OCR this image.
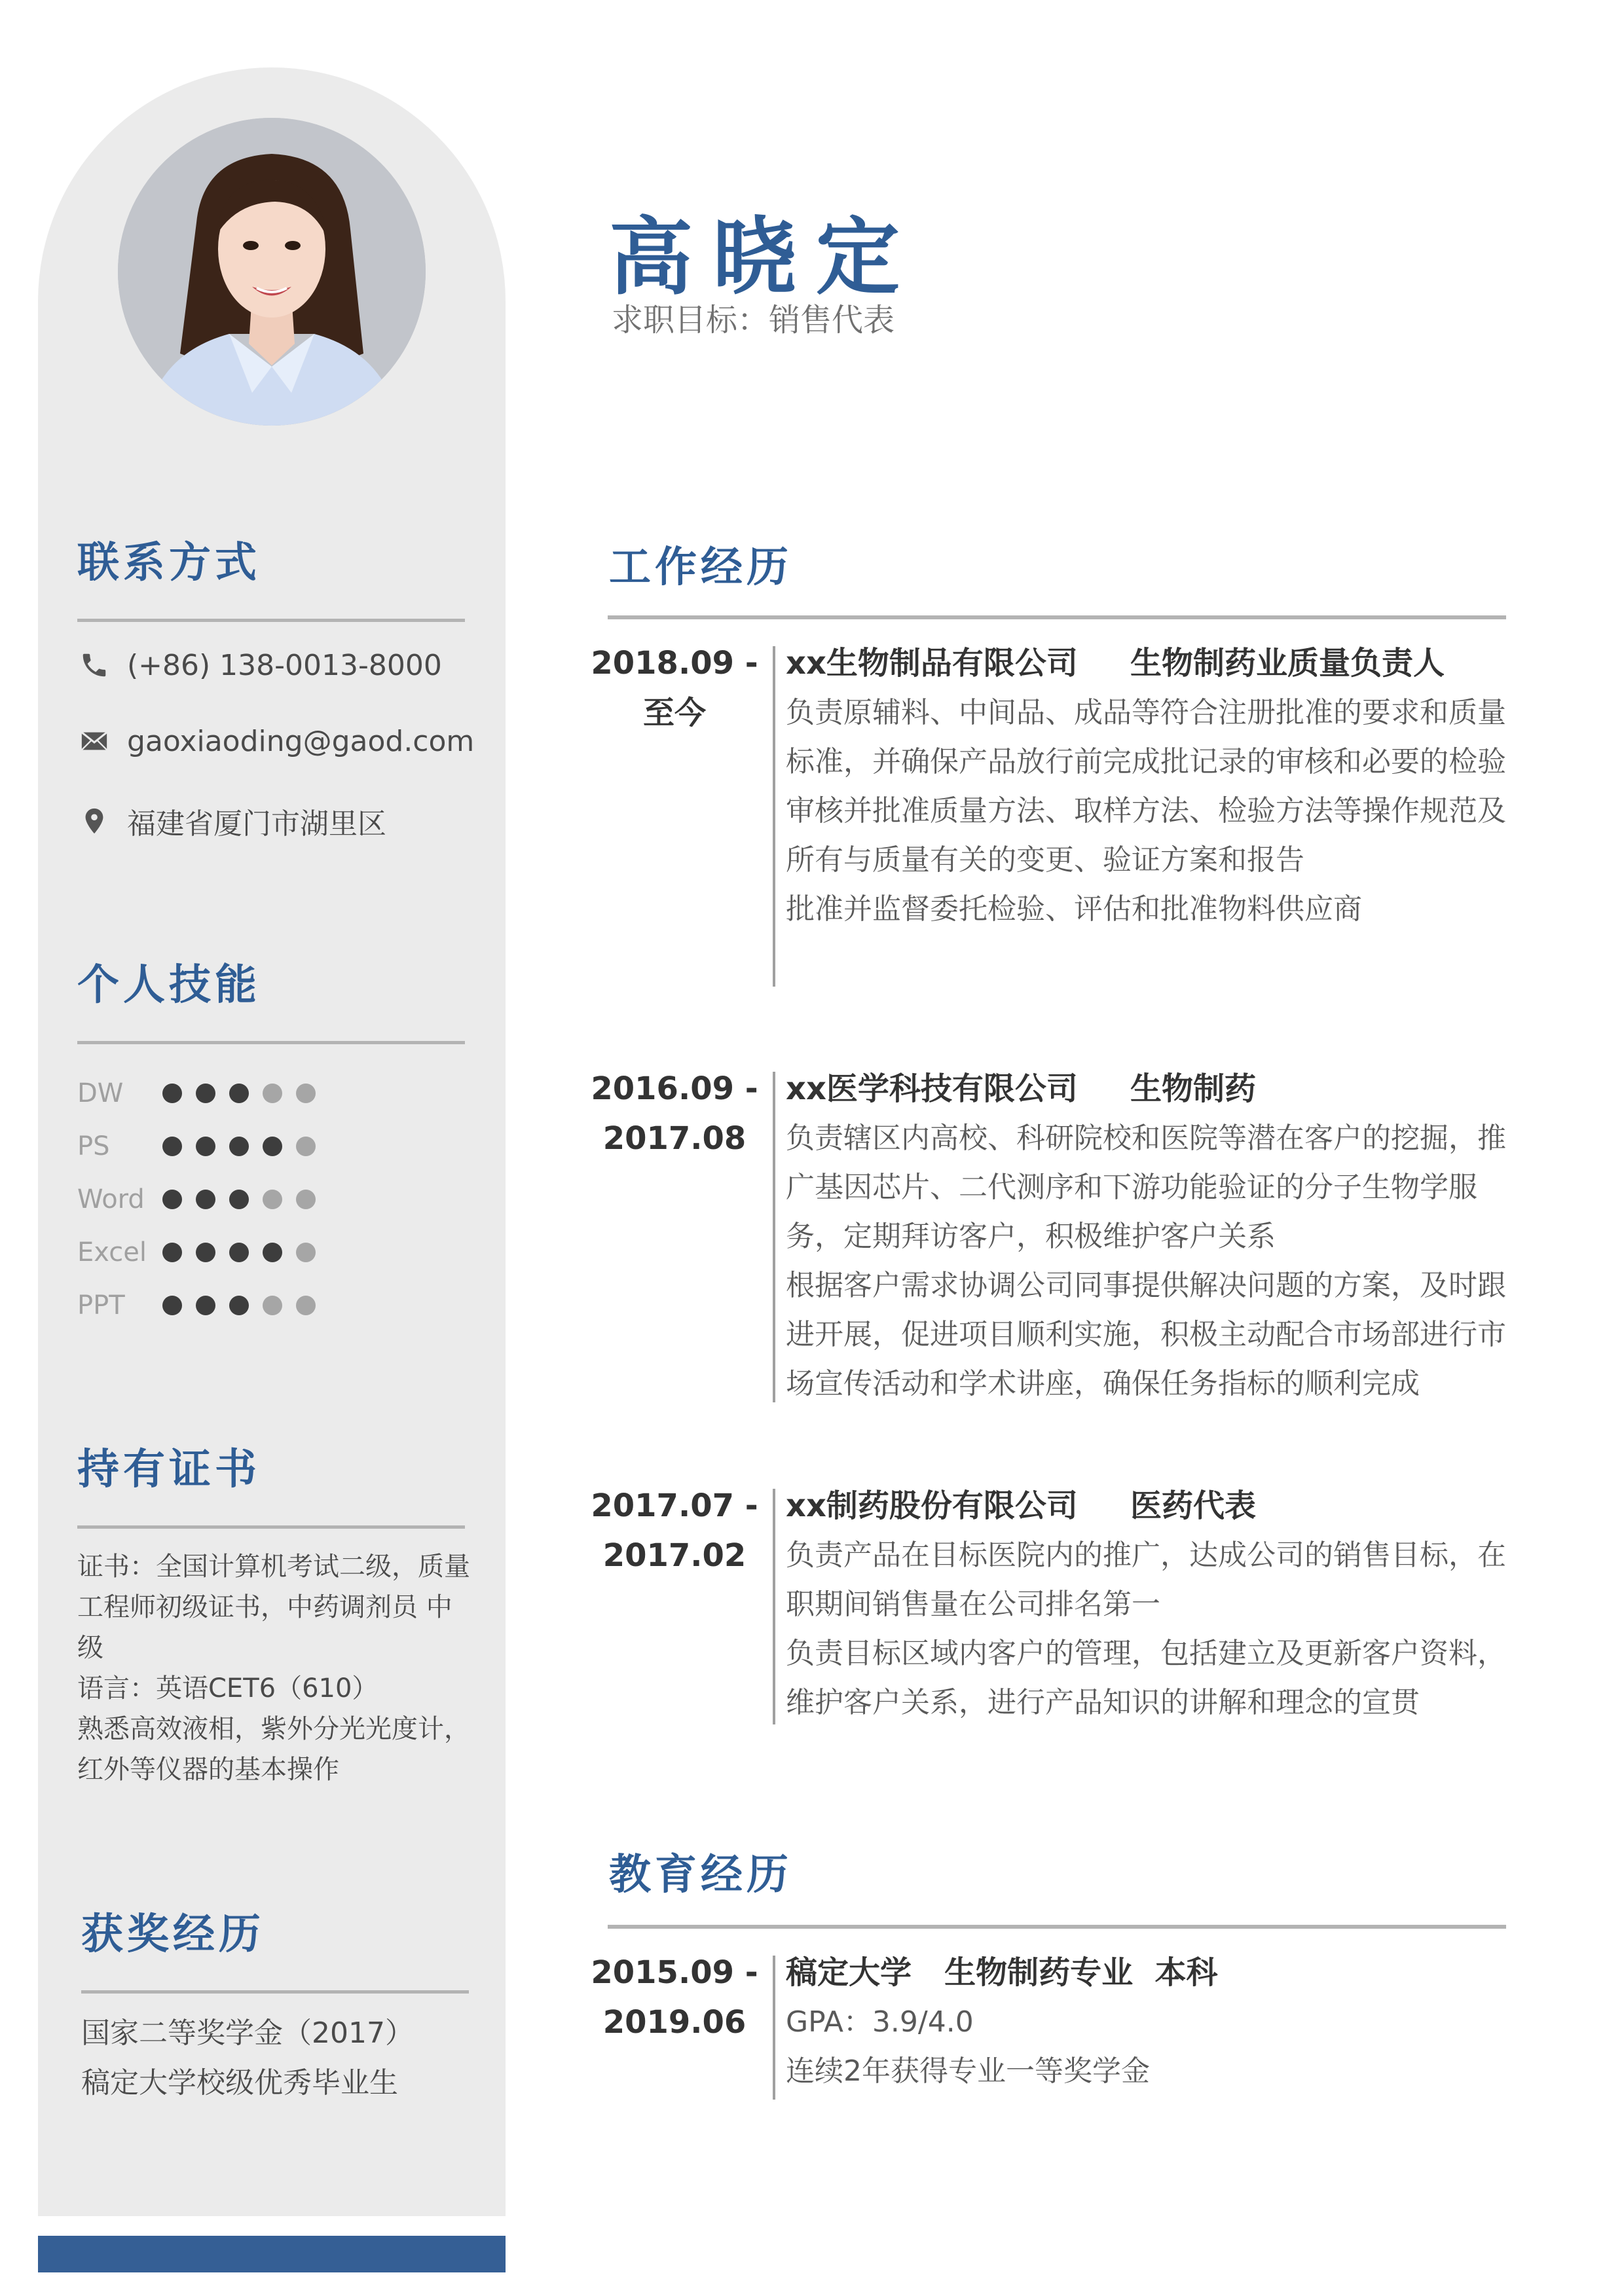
联系方式
(+86) 138-0013-8000
gaoxiaoding@gaod.com
福建省厦门市湖里区
个人技能
DW
PS
Word
Excel
PPT
持有证书
证书：全国计算机考试二级，质量
工程师初级证书，中药调剂员 中
级
语言：英语CET6（610）
熟悉高效液相，紫外分光光度计，
红外等仪器的基本操作
获奖经历
国家二等奖学金（2017）
稿定大学校级优秀毕业生
高晓定
求职目标：销售代表
工作经历
2018.09 -
至今
xx生物制品有限公司 生物制药业质量负责人
负责原辅料、中间品、成品等符合注册批准的要求和质量
标准，并确保产品放行前完成批记录的审核和必要的检验
审核并批准质量方法、取样方法、检验方法等操作规范及
所有与质量有关的变更、验证方案和报告
批准并监督委托检验、评估和批准物料供应商
2016.09 -
2017.08
xx医学科技有限公司 生物制药
负责辖区内高校、科研院校和医院等潜在客户的挖掘，推
广基因芯片、二代测序和下游功能验证的分子生物学服
务，定期拜访客户，积极维护客户关系
根据客户需求协调公司同事提供解决问题的方案，及时跟
进开展，促进项目顺利实施，积极主动配合市场部进行市
场宣传活动和学术讲座，确保任务指标的顺利完成
2017.07 -
2017.02
xx制药股份有限公司 医药代表
负责产品在目标医院内的推广，达成公司的销售目标，在
职期间销售量在公司排名第一
负责目标区域内客户的管理，包括建立及更新客户资料，
维护客户关系，进行产品知识的讲解和理念的宣贯
教育经历
2015.09 -
2019.06
稿定大学   生物制药专业  本科
GPA：3.9/4.0
连续2年获得专业一等奖学金
